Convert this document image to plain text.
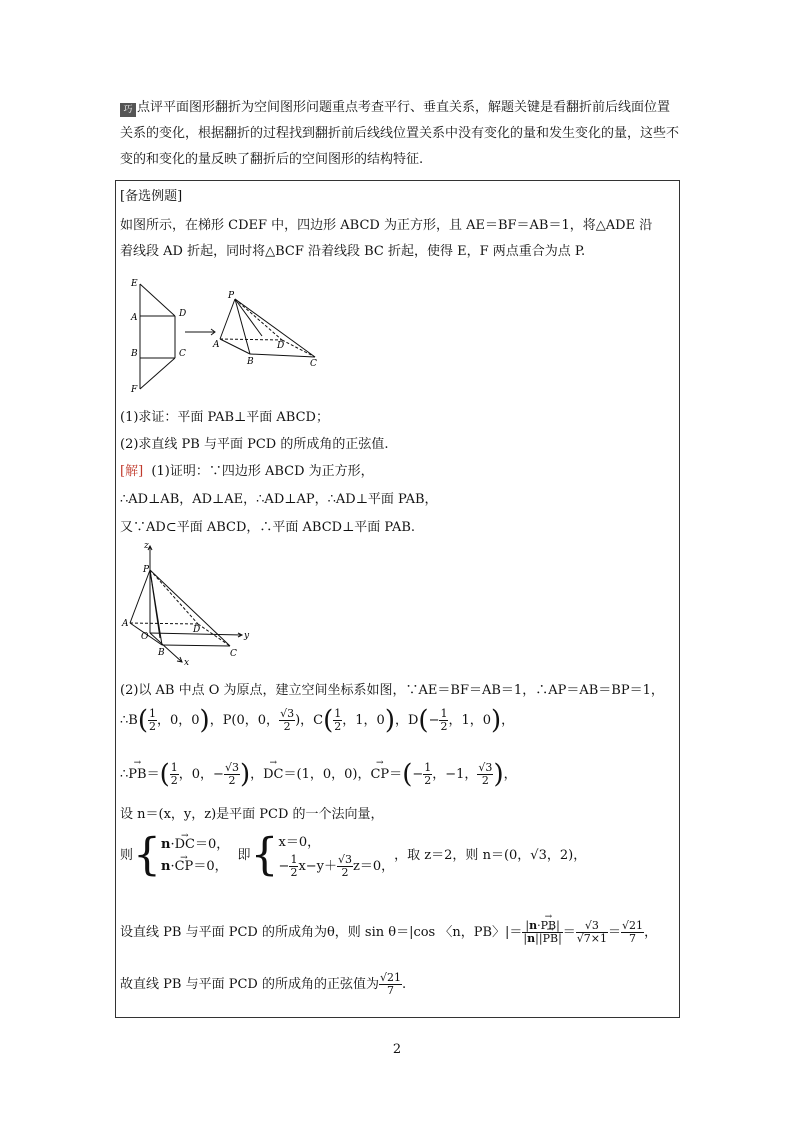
巧 点评平面图形翻折为空间图形问题重点考查平行、垂直关系，解题关键是看翻折前后线面位置关系的变化，根据翻折的过程找到翻折前后线线位置关系中没有变化的量和发生变化的量，这些不变的和变化的量反映了翻折后的空间图形的结构特征.
[备选例题]
如图所示，在梯形 CDEF 中，四边形 ABCD 为正方形，且 AE＝BF＝AB＝1，将△ADE 沿
着线段 AD 折起，同时将△BCF 沿着线段 BC 折起，使得 E，F 两点重合为点 P.
E
A
B
F
D
C
P
A
B
D
C
(1)求证：平面 PAB⊥平面 ABCD；
(2)求直线 PB 与平面 PCD 的所成角的正弦值.
[解] (1)证明：∵四边形 ABCD 为正方形，
∴AD⊥AB，AD⊥AE，∴AD⊥AP，∴AD⊥平面 PAB，
又∵AD⊂平面 ABCD，∴平面 ABCD⊥平面 PAB.
z
P
A
O
B
D
C
y
x
(2)以 AB 中点 O 为原点，建立空间坐标系如图，∵AE＝BF＝AB＝1，∴AP＝AB＝BP＝1，
∴B( $\frac{1}{2}$ ，0，0)，P(0，0， $\frac{√3}{2}$ )，$C( \frac{1}{2}$ ，1，0)，$D(- \frac{1}{2}$ ，1，0)，
∴→ $PB=( \frac{1}{2}$ ，0，− $\frac{√3}{2}$ )，→ DC＝(1，0，0)，→ $CP=(- \frac{1}{2}$ ，−1， $\frac{√3}{2}$ )，
设 n＝(x，y，z)是平面 PCD 的一个法向量，
则{n·→ DC＝0，
n·→ CP＝0，  即{x＝0，
− $\frac{1}{2} x-y+ \frac{√3}{2} z=0$，，取 z＝2，则 n＝(0，√3，2)，
设直线 PB 与平面 PCD 的所成角为θ，则 sin θ＝|cos 〈n，PB〉|＝ $\frac{|n\cdot\to PB|}{|n||\to PB|} = \frac{√3}{√7\times 1} = \frac{√21}{7}$ ，
故直线 PB 与平面 PCD 的所成角的正弦值为 $\frac{√21}{7}$ .
2
